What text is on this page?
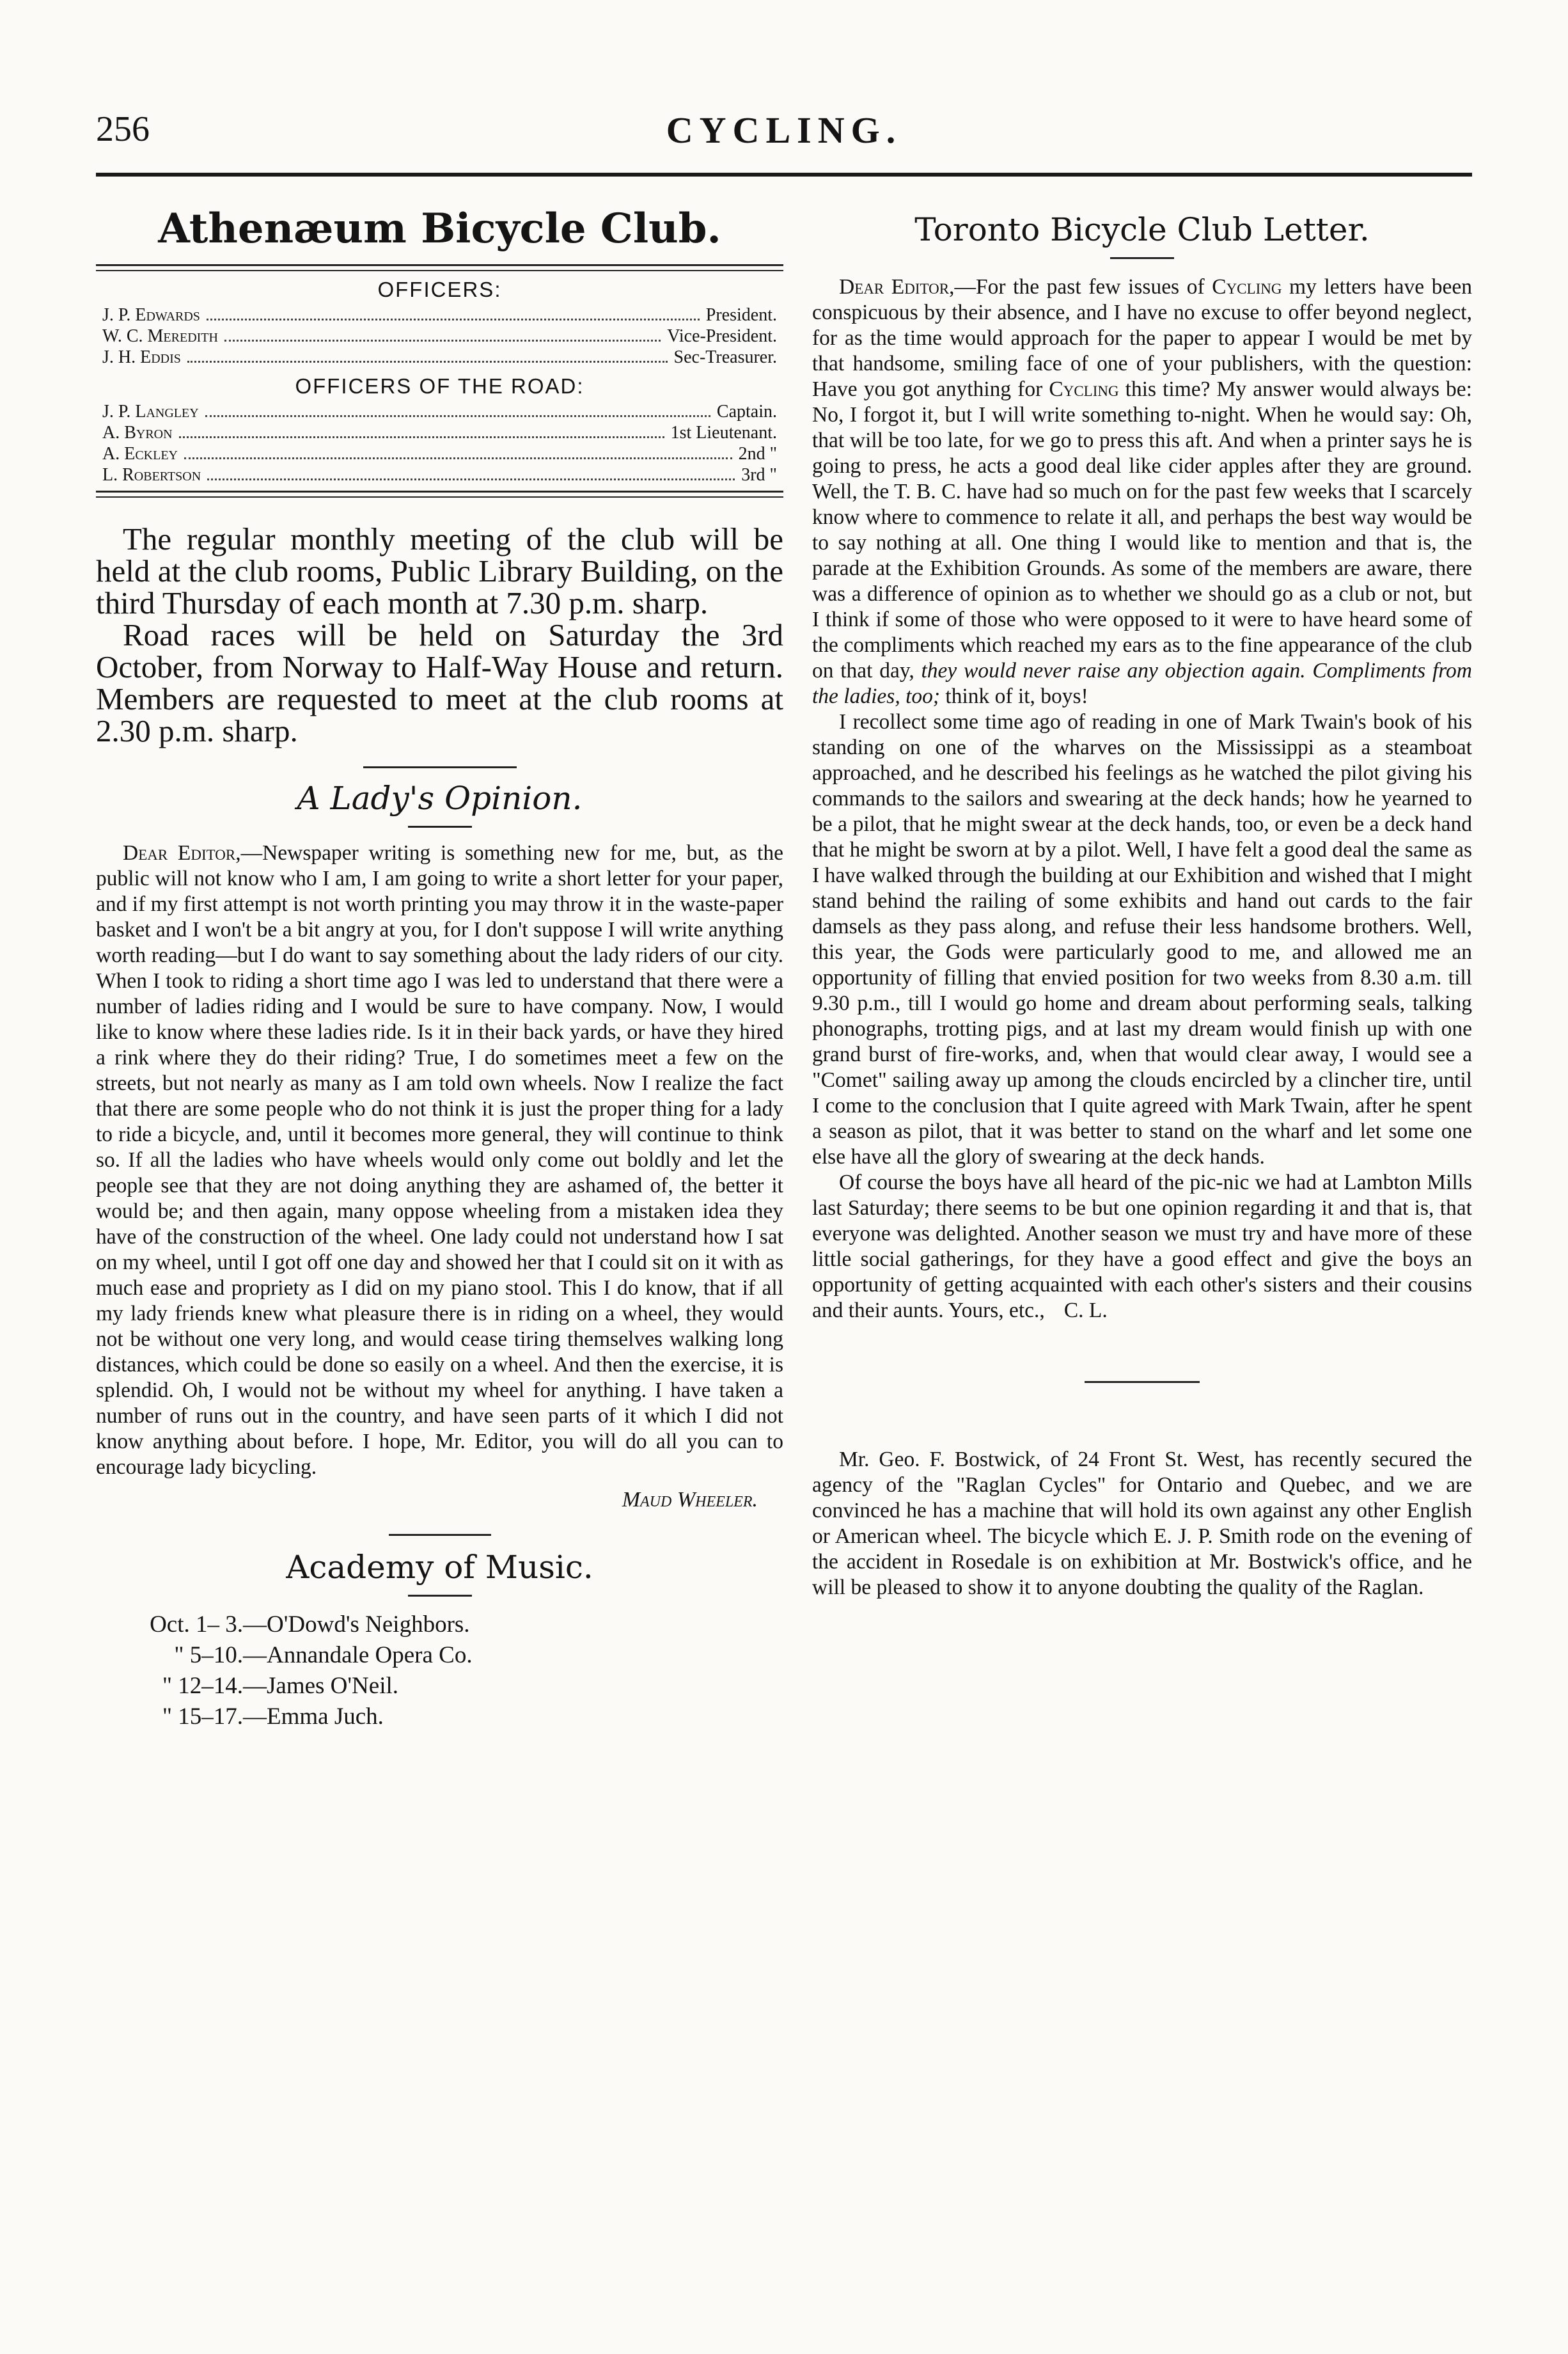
256	CYCLING.
Athenæum Bicycle Club.
OFFICERS:
J. P. Edwards	President.
W. C. Meredith	Vice-President.
J. H. Eddis	Sec-Treasurer.
OFFICERS OF THE ROAD:
J. P. Langley	Captain.
A. Byron	1st Lieutenant.
A. Eckley	2nd "
L. Robertson	3rd "

The regular monthly meeting of the club will be held at the club rooms, Public Library Building, on the third Thursday of each month at 7.30 p.m. sharp.

Road races will be held on Saturday the 3rd October, from Norway to Half-Way House and return. Members are requested to meet at the club rooms at 2.30 p.m. sharp.

A Lady's Opinion.

Dear Editor,—Newspaper writing is something new for me, but, as the public will not know who I am, I am going to write a short letter for your paper, and if my first attempt is not worth printing you may throw it in the waste-paper basket and I won't be a bit angry at you, for I don't suppose I will write anything worth reading—but I do want to say something about the lady riders of our city. When I took to riding a short time ago I was led to understand that there were a number of ladies riding and I would be sure to have company. Now, I would like to know where these ladies ride. Is it in their back yards, or have they hired a rink where they do their riding? True, I do sometimes meet a few on the streets, but not nearly as many as I am told own wheels. Now I realize the fact that there are some people who do not think it is just the proper thing for a lady to ride a bicycle, and, until it becomes more general, they will continue to think so. If all the ladies who have wheels would only come out boldly and let the people see that they are not doing anything they are ashamed of, the better it would be; and then again, many oppose wheeling from a mistaken idea they have of the construction of the wheel. One lady could not understand how I sat on my wheel, until I got off one day and showed her that I could sit on it with as much ease and propriety as I did on my piano stool. This I do know, that if all my lady friends knew what pleasure there is in riding on a wheel, they would not be without one very long, and would cease tiring themselves walking long distances, which could be done so easily on a wheel. And then the exercise, it is splendid. Oh, I would not be without my wheel for anything. I have taken a number of runs out in the country, and have seen parts of it which I did not know anything about before. I hope, Mr. Editor, you will do all you can to encourage lady bicycling.

Maud Wheeler.
Academy of Music.
Oct. 1– 3.—O'Dowd's Neighbors.
" 5–10.—Annandale Opera Co.
" 12–14.—James O'Neil.
" 15–17.—Emma Juch.
Toronto Bicycle Club Letter.

Dear Editor,—For the past few issues of Cycling my letters have been conspicuous by their absence, and I have no excuse to offer beyond neglect, for as the time would approach for the paper to appear I would be met by that handsome, smiling face of one of your publishers, with the question: Have you got anything for Cycling this time? My answer would always be: No, I forgot it, but I will write something to-night. When he would say: Oh, that will be too late, for we go to press this aft. And when a printer says he is going to press, he acts a good deal like cider apples after they are ground. Well, the T. B. C. have had so much on for the past few weeks that I scarcely know where to commence to relate it all, and perhaps the best way would be to say nothing at all. One thing I would like to mention and that is, the parade at the Exhibition Grounds. As some of the members are aware, there was a difference of opinion as to whether we should go as a club or not, but I think if some of those who were opposed to it were to have heard some of the compliments which reached my ears as to the fine appearance of the club on that day, they would never raise any objection again. Compliments from the ladies, too; think of it, boys!

I recollect some time ago of reading in one of Mark Twain's book of his standing on one of the wharves on the Mississippi as a steamboat approached, and he described his feelings as he watched the pilot giving his commands to the sailors and swearing at the deck hands; how he yearned to be a pilot, that he might swear at the deck hands, too, or even be a deck hand that he might be sworn at by a pilot. Well, I have felt a good deal the same as I have walked through the building at our Exhibition and wished that I might stand behind the railing of some exhibits and hand out cards to the fair damsels as they pass along, and refuse their less handsome brothers. Well, this year, the Gods were particularly good to me, and allowed me an opportunity of filling that envied position for two weeks from 8.30 a.m. till 9.30 p.m., till I would go home and dream about performing seals, talking phonographs, trotting pigs, and at last my dream would finish up with one grand burst of fire-works, and, when that would clear away, I would see a "Comet" sailing away up among the clouds encircled by a clincher tire, until I come to the conclusion that I quite agreed with Mark Twain, after he spent a season as pilot, that it was better to stand on the wharf and let some one else have all the glory of swearing at the deck hands.

Of course the boys have all heard of the pic-nic we had at Lambton Mills last Saturday; there seems to be but one opinion regarding it and that is, that everyone was delighted. Another season we must try and have more of these little social gatherings, for they have a good effect and give the boys an opportunity of getting acquainted with each other's sisters and their cousins and their aunts. Yours, etc., C. L.

Mr. Geo. F. Bostwick, of 24 Front St. West, has recently secured the agency of the "Raglan Cycles" for Ontario and Quebec, and we are convinced he has a machine that will hold its own against any other English or American wheel. The bicycle which E. J. P. Smith rode on the evening of the accident in Rosedale is on exhibition at Mr. Bostwick's office, and he will be pleased to show it to anyone doubting the quality of the Raglan.
